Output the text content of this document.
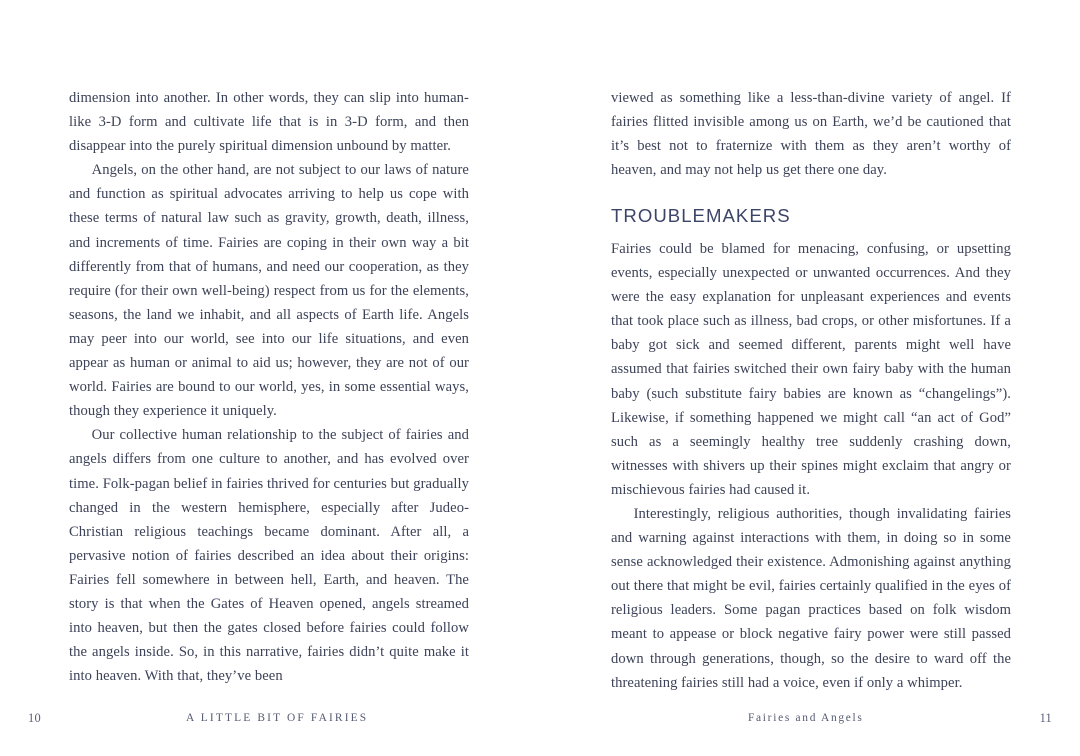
dimension into another. In other words, they can slip into human-like 3-D form and cultivate life that is in 3-D form, and then disappear into the purely spiritual dimension unbound by matter.

Angels, on the other hand, are not subject to our laws of nature and function as spiritual advocates arriving to help us cope with these terms of natural law such as gravity, growth, death, illness, and increments of time. Fairies are coping in their own way a bit differently from that of humans, and need our cooperation, as they require (for their own well-being) respect from us for the elements, seasons, the land we inhabit, and all aspects of Earth life. Angels may peer into our world, see into our life situations, and even appear as human or animal to aid us; however, they are not of our world. Fairies are bound to our world, yes, in some essential ways, though they experience it uniquely.

Our collective human relationship to the subject of fairies and angels differs from one culture to another, and has evolved over time. Folk-pagan belief in fairies thrived for centuries but gradually changed in the western hemisphere, especially after Judeo-Christian religious teachings became dominant. After all, a pervasive notion of fairies described an idea about their origins: Fairies fell somewhere in between hell, Earth, and heaven. The story is that when the Gates of Heaven opened, angels streamed into heaven, but then the gates closed before fairies could follow the angels inside. So, in this narrative, fairies didn’t quite make it into heaven. With that, they’ve been

10	A LITTLE BIT OF FAIRIES

viewed as something like a less-than-divine variety of angel. If fairies flitted invisible among us on Earth, we’d be cautioned that it’s best not to fraternize with them as they aren’t worthy of heaven, and may not help us get there one day.

TROUBLEMAKERS

Fairies could be blamed for menacing, confusing, or upsetting events, especially unexpected or unwanted occurrences. And they were the easy explanation for unpleasant experiences and events that took place such as illness, bad crops, or other misfortunes. If a baby got sick and seemed different, parents might well have assumed that fairies switched their own fairy baby with the human baby (such substitute fairy babies are known as “changelings”). Likewise, if something happened we might call “an act of God” such as a seemingly healthy tree suddenly crashing down, witnesses with shivers up their spines might exclaim that angry or mischievous fairies had caused it.

Interestingly, religious authorities, though invalidating fairies and warning against interactions with them, in doing so in some sense acknowledged their existence. Admonishing against anything out there that might be evil, fairies certainly qualified in the eyes of religious leaders. Some pagan practices based on folk wisdom meant to appease or block negative fairy power were still passed down through generations, though, so the desire to ward off the threatening fairies still had a voice, even if only a whimper.

Fairies and Angels	11
